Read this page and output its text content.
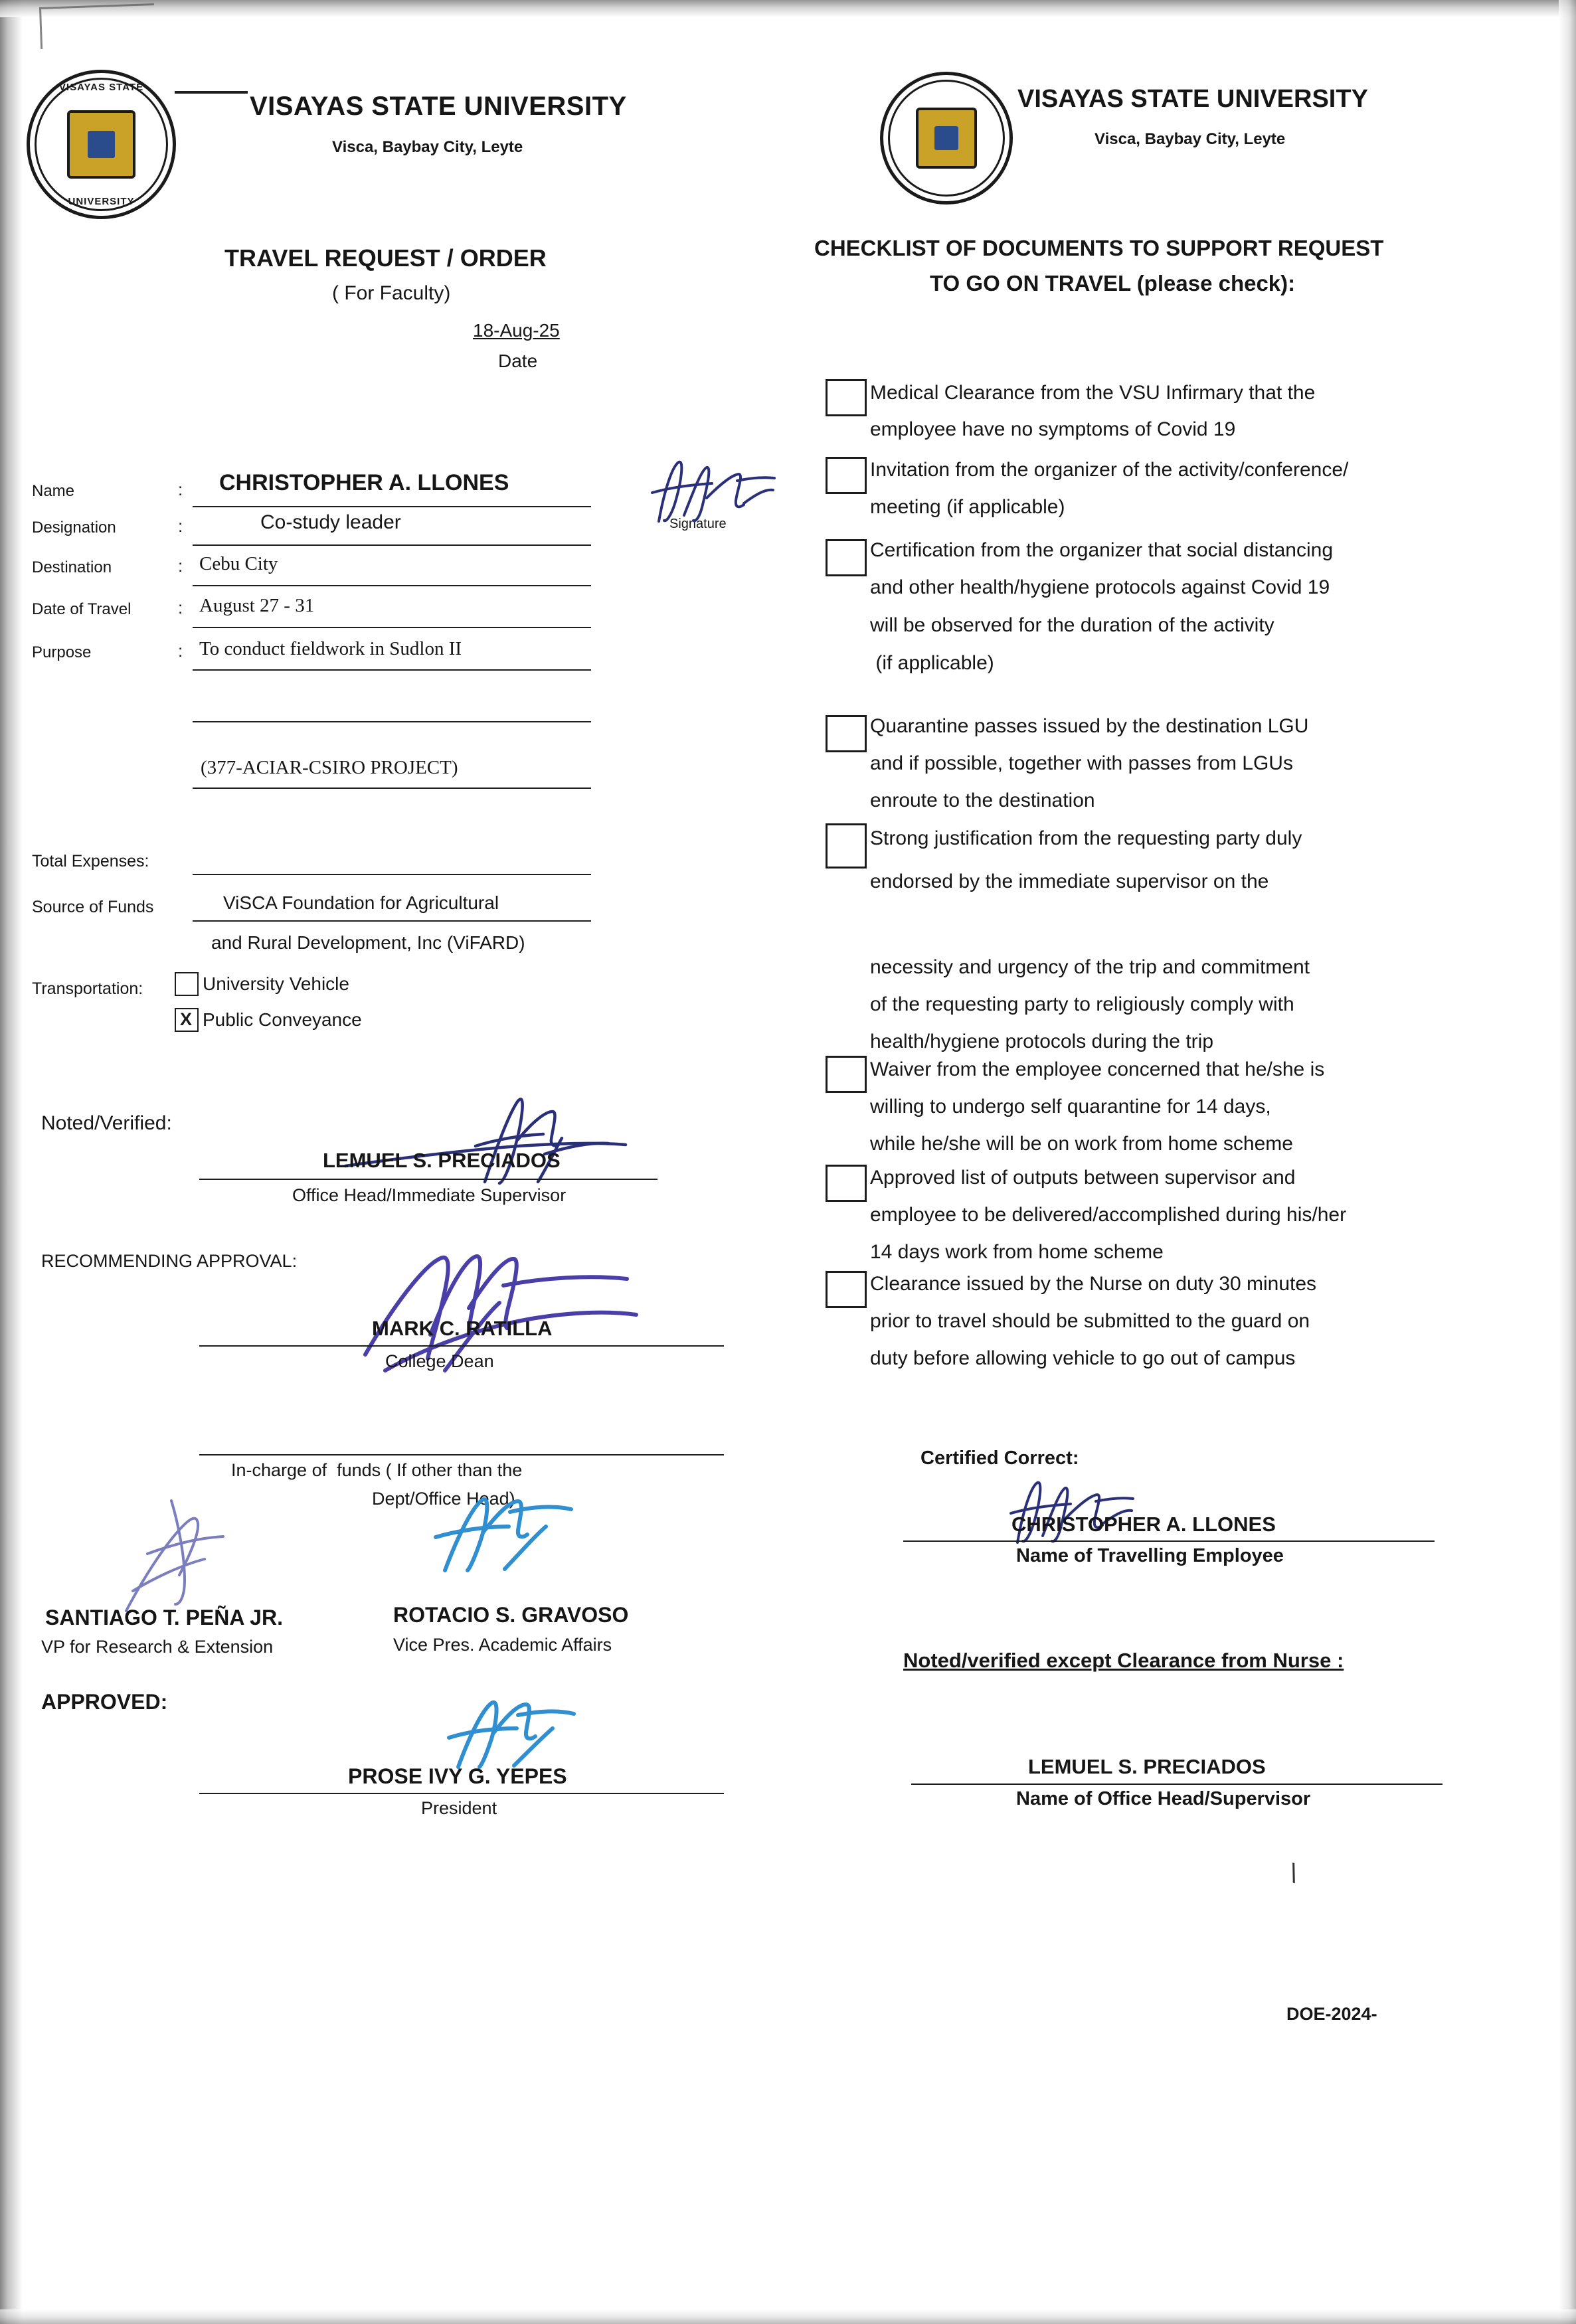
VISAYAS STATE
UNIVERSITY
VISAYAS STATE UNIVERSITY
Visca, Baybay City, Leyte
TRAVEL REQUEST / ORDER
( For Faculty)
18-Aug-25
Date
Name	: CHRISTOPHER A. LLONES
Designation	:	Co-study leader
Destination	: Cebu City
Date of Travel	: August 27 - 31
Purpose	: To conduct fieldwork in Sudlon II
(377-ACIAR-CSIRO PROJECT)
Signature
Total Expenses:
Source of Funds	ViSCA Foundation for Agricultural
and Rural Development, Inc (ViFARD)
Transportation:	University Vehicle
X Public Conveyance
Noted/Verified:
LEMUEL S. PRECIADOS
Office Head/Immediate Supervisor
RECOMMENDING APPROVAL:
MARK C. RATILLA
College Dean
In-charge of  funds ( If other than the
Dept/Office Head)
SANTIAGO T. PEÑA JR.
VP for Research & Extension
ROTACIO S. GRAVOSO
Vice Pres. Academic Affairs
APPROVED:
PROSE IVY G. YEPES
President
VISAYAS STATE UNIVERSITY
Visca, Baybay City, Leyte
CHECKLIST OF DOCUMENTS TO SUPPORT REQUEST
TO GO ON TRAVEL (please check):
Medical Clearance from the VSU Infirmary that the
employee have no symptoms of Covid 19
Invitation from the organizer of the activity/conference/
meeting (if applicable)
Certification from the organizer that social distancing
and other health/hygiene protocols against Covid 19
will be observed for the duration of the activity
(if applicable)
Quarantine passes issued by the destination LGU
and if possible, together with passes from LGUs
enroute to the destination
Strong justification from the requesting party duly
endorsed by the immediate supervisor on the
necessity and urgency of the trip and commitment
of the requesting party to religiously comply with
health/hygiene protocols during the trip
Waiver from the employee concerned that he/she is
willing to undergo self quarantine for 14 days,
while he/she will be on work from home scheme
Approved list of outputs between supervisor and
employee to be delivered/accomplished during his/her
14 days work from home scheme
Clearance issued by the Nurse on duty 30 minutes
prior to travel should be submitted to the guard on
duty before allowing vehicle to go out of campus
Certified Correct:
CHRISTOPHER A. LLONES
Name of Travelling Employee
Noted/verified except Clearance from Nurse :
LEMUEL S. PRECIADOS
Name of Office Head/Supervisor
\
DOE-2024-
